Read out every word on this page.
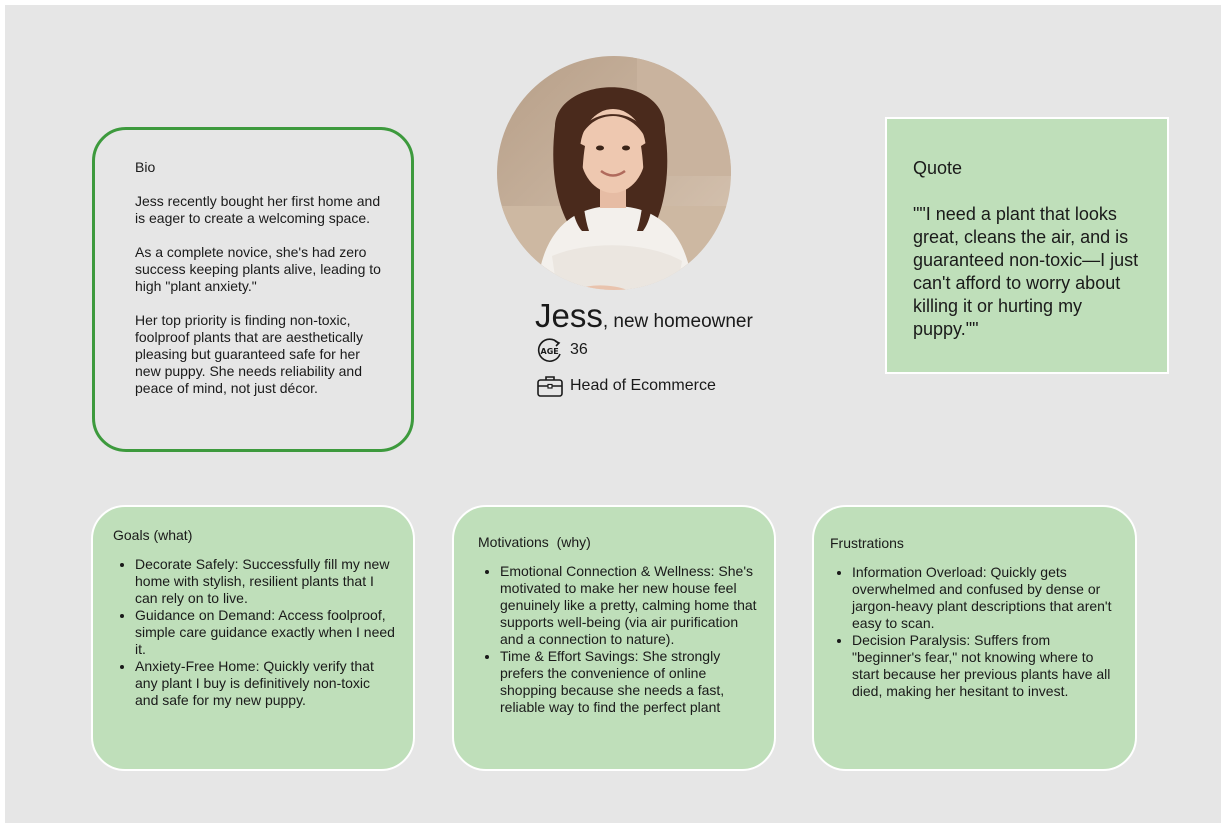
Bio

Jess recently bought her first home and is eager to create a welcoming space.

As a complete novice, she's had zero success keeping plants alive, leading to high "plant anxiety."

Her top priority is finding non-toxic, foolproof plants that are aesthetically pleasing but guaranteed safe for her new puppy. She needs reliability and peace of mind, not just décor.

Jess, new homeowner
AGE 36
Head of Ecommerce
Quote
""I need a plant that looks great, cleans the air, and is guaranteed non-toxic—I just can't afford to worry about killing it or hurting my puppy.""
Goals (what)
• Decorate Safely: Successfully fill my new home with stylish, resilient plants that I can rely on to live.
• Guidance on Demand: Access foolproof, simple care guidance exactly when I need it.
• Anxiety-Free Home: Quickly verify that any plant I buy is definitively non-toxic and safe for my new puppy.
Motivations  (why)
• Emotional Connection & Wellness: She's motivated to make her new house feel genuinely like a pretty, calming home that supports well-being (via air purification and a connection to nature).
• Time & Effort Savings: She strongly prefers the convenience of online shopping because she needs a fast, reliable way to find the perfect plant
Frustrations
• Information Overload: Quickly gets overwhelmed and confused by dense or jargon-heavy plant descriptions that aren't easy to scan.
• Decision Paralysis: Suffers from "beginner's fear," not knowing where to start because her previous plants have all died, making her hesitant to invest.
